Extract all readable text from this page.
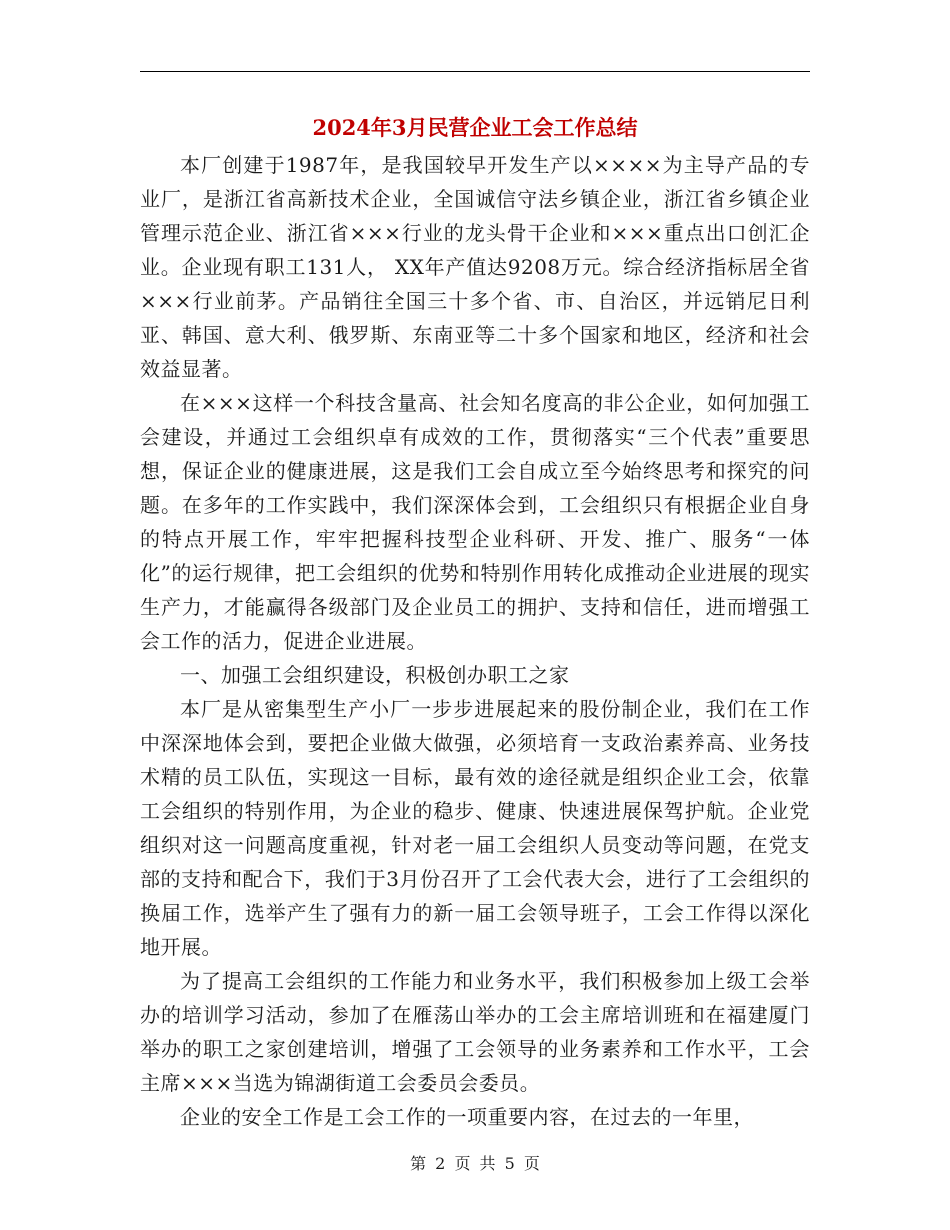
2024年3月民营企业工会工作总结

本厂创建于1987年，是我国较早开发生产以××××为主导产品的专业厂，是浙江省高新技术企业，全国诚信守法乡镇企业，浙江省乡镇企业管理示范企业、浙江省×××行业的龙头骨干企业和×××重点出口创汇企业。企业现有职工131人， XX年产值达9208万元。综合经济指标居全省×××行业前茅。产品销往全国三十多个省、市、自治区，并远销尼日利亚、韩国、意大利、俄罗斯、东南亚等二十多个国家和地区，经济和社会效益显著。

在×××这样一个科技含量高、社会知名度高的非公企业，如何加强工会建设，并通过工会组织卓有成效的工作，贯彻落实“三个代表”重要思想，保证企业的健康进展，这是我们工会自成立至今始终思考和探究的问题。在多年的工作实践中，我们深深体会到，工会组织只有根据企业自身的特点开展工作，牢牢把握科技型企业科研、开发、推广、服务“一体化”的运行规律，把工会组织的优势和特别作用转化成推动企业进展的现实生产力，才能赢得各级部门及企业员工的拥护、支持和信任，进而增强工会工作的活力，促进企业进展。

一、加强工会组织建设，积极创办职工之家

本厂是从密集型生产小厂一步步进展起来的股份制企业，我们在工作中深深地体会到，要把企业做大做强，必须培育一支政治素养高、业务技术精的员工队伍，实现这一目标，最有效的途径就是组织企业工会，依靠工会组织的特别作用，为企业的稳步、健康、快速进展保驾护航。企业党组织对这一问题高度重视，针对老一届工会组织人员变动等问题，在党支部的支持和配合下，我们于3月份召开了工会代表大会，进行了工会组织的换届工作，选举产生了强有力的新一届工会领导班子，工会工作得以深化地开展。

为了提高工会组织的工作能力和业务水平，我们积极参加上级工会举办的培训学习活动，参加了在雁荡山举办的工会主席培训班和在福建厦门举办的职工之家创建培训，增强了工会领导的业务素养和工作水平，工会主席×××当选为锦湖街道工会委员会委员。

企业的安全工作是工会工作的一项重要内容，在过去的一年里，

第 2 页 共 5 页
